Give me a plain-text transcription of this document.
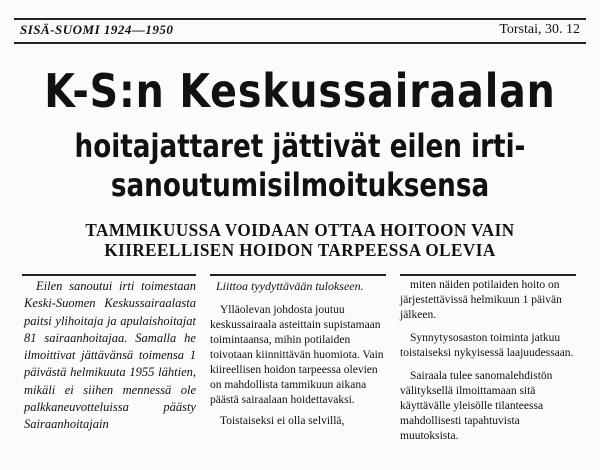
SISÄ-SUOMI 1924—1950	Torstai, 30. 12
K-S:n Keskussairaalan
hoitajattaret jättivät eilen irti-
sanoutumisilmoituksensa
TAMMIKUUSSA VOIDAAN OTTAA HOITOON VAIN
KIIREELLISEN HOIDON TARPEESSA OLEVIA

Eilen sanoutui irti toimestaan Keski-Suomen Keskussairaalasta paitsi ylihoitaja ja apulaishoitajat 81 sairaanhoitajaa. Samalla he ilmoittivat jättävänsä toimensa 1 päivästä helmikuuta 1955 lähtien, mikäli ei siihen mennessä ole palkkaneuvotteluissa päästy Sairaanhoitajain

Liittoa tyydyttävään tulokseen.

Ylläolevan johdosta joutuu keskussairaala asteittain supistamaan toimintaansa, mihin potilaiden toivotaan kiinnittävän huomiota. Vain kiireellisen hoidon tarpeessa olevien on mahdollista tammikuun aikana päästä sairaalaan hoidettavaksi.

Toistaiseksi ei olla selvillä,

miten näiden potilaiden hoito on järjestettävissä helmikuun 1 päivän jälkeen.

Synnytysosaston toiminta jatkuu toistaiseksi nykyisessä laajuudessaan.

Sairaala tulee sanomalehdistön välityksellä ilmoittamaan sitä käyttävälle yleisölle tilanteessa mahdollisesti tapahtuvista muutoksista.
